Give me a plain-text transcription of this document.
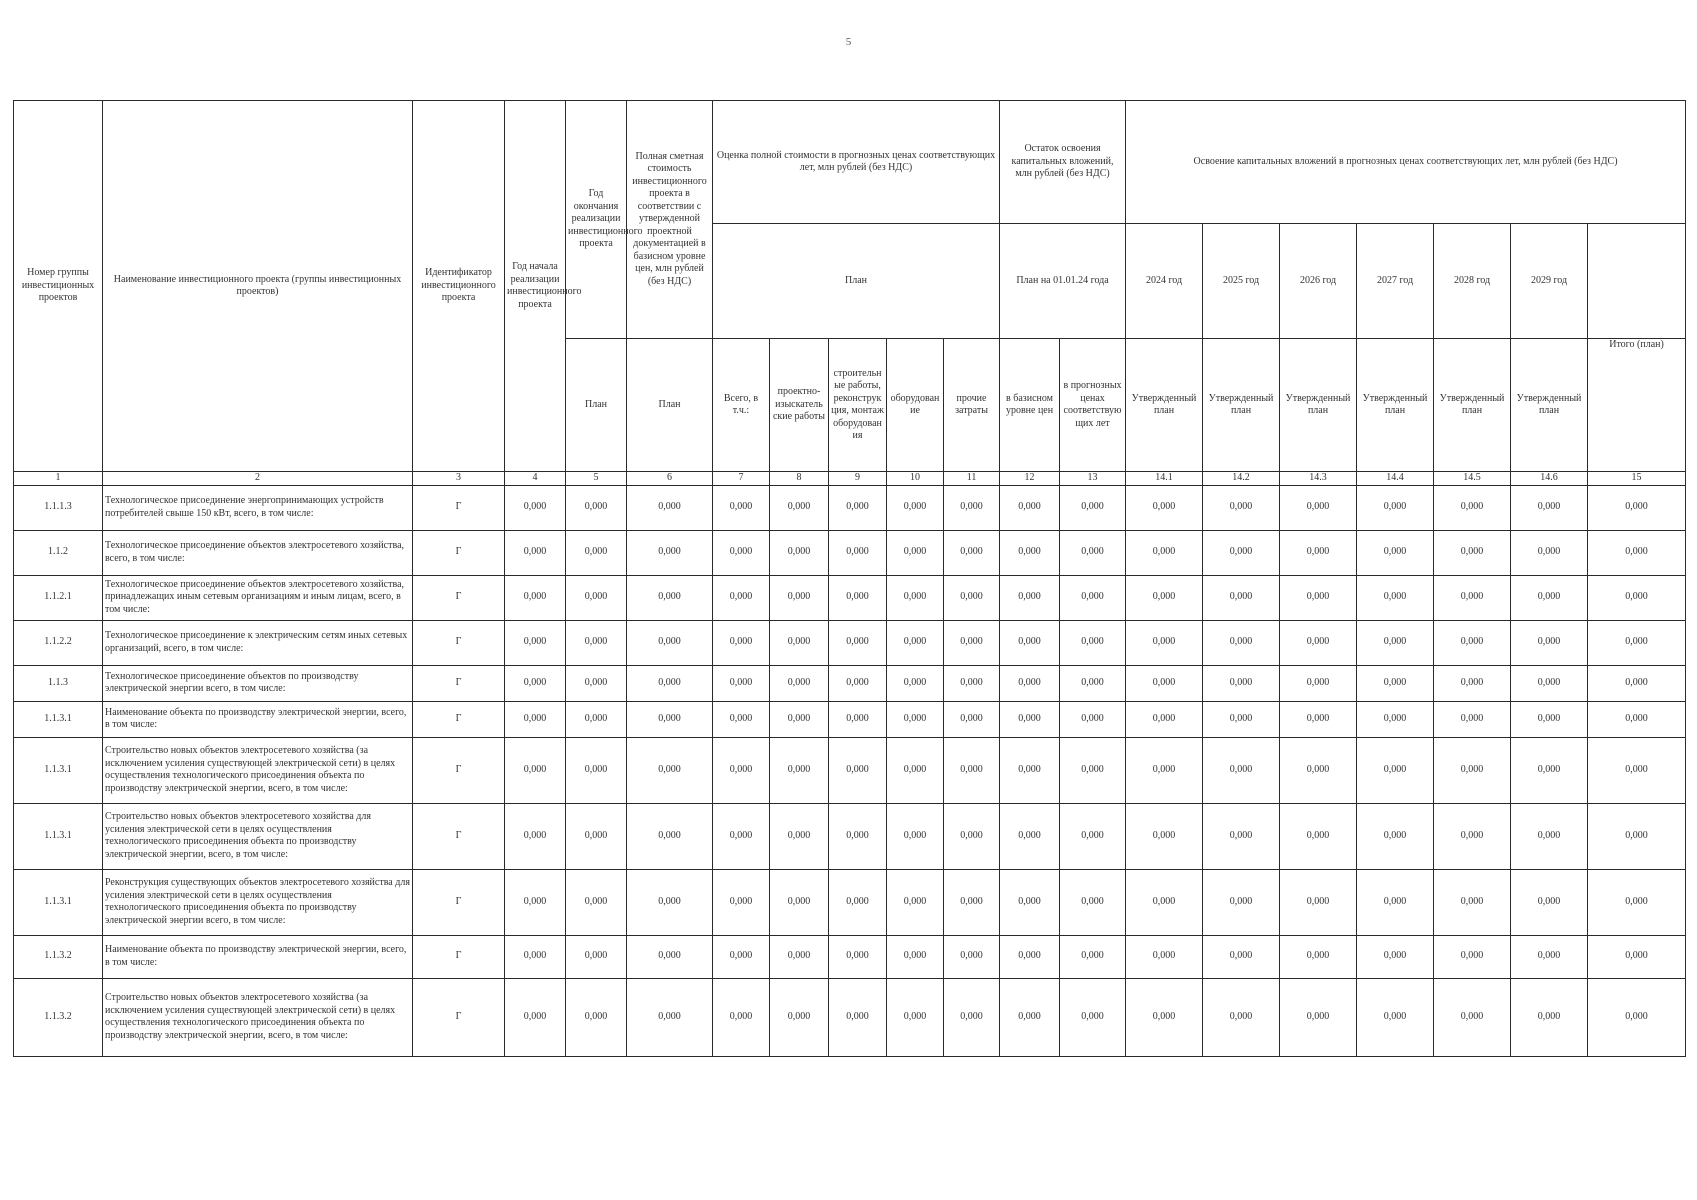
5
Номер группы инвестиционных проектов	Наименование инвестиционного проекта (группы инвестиционных проектов)	Идентификатор инвестиционного проекта	Год начала реализации инвестиционного проекта	Год окончания реализации инвестиционного проекта	Полная сметная стоимость инвестиционного проекта в соответствии с утвержденной проектной документацией в базисном уровне цен, млн рублей (без НДС)	Оценка полной стоимости в прогнозных ценах соответствующих лет, млн рублей (без НДС)					Остаток освоения капитальных вложений, млн рублей (без НДС)		Освоение капитальных вложений в прогнозных ценах соответствующих лет, млн рублей (без НДС)						
						План					План на 01.01.24 года		2024 год	2025 год	2026 год	2027 год	2028 год	2029 год	
				План	План	Всего, в т.ч.:	проектно-изыскатель ские работы	строительн ые работы, реконструк ция, монтаж оборудован ия	оборудован ие	прочие затраты	в базисном уровне цен	в прогнозных ценах соответствую щих лет	Утвержденный план	Утвержденный план	Утвержденный план	Утвержденный план	Утвержденный план	Утвержденный план	Итого (план)
1	2	3	4	5	6	7	8	9	10	11	12	13	14.1	14.2	14.3	14.4	14.5	14.6	15
1.1.1.3	Технологическое присоединение энергопринимающих устройств потребителей свыше 150 кВт, всего, в том числе:	Г	0,000	0,000	0,000	0,000	0,000	0,000	0,000	0,000	0,000	0,000	0,000	0,000	0,000	0,000	0,000	0,000	0,000
1.1.2	Технологическое присоединение объектов электросетевого хозяйства, всего, в том числе:	Г	0,000	0,000	0,000	0,000	0,000	0,000	0,000	0,000	0,000	0,000	0,000	0,000	0,000	0,000	0,000	0,000	0,000
1.1.2.1	Технологическое присоединение объектов электросетевого хозяйства, принадлежащих иным сетевым организациям и иным лицам, всего, в том числе:	Г	0,000	0,000	0,000	0,000	0,000	0,000	0,000	0,000	0,000	0,000	0,000	0,000	0,000	0,000	0,000	0,000	0,000
1.1.2.2	Технологическое присоединение к электрическим сетям иных сетевых организаций, всего, в том числе:	Г	0,000	0,000	0,000	0,000	0,000	0,000	0,000	0,000	0,000	0,000	0,000	0,000	0,000	0,000	0,000	0,000	0,000
1.1.3	Технологическое присоединение объектов по производству электрической энергии всего, в том числе:	Г	0,000	0,000	0,000	0,000	0,000	0,000	0,000	0,000	0,000	0,000	0,000	0,000	0,000	0,000	0,000	0,000	0,000
1.1.3.1	Наименование объекта по производству электрической энергии, всего, в том числе:	Г	0,000	0,000	0,000	0,000	0,000	0,000	0,000	0,000	0,000	0,000	0,000	0,000	0,000	0,000	0,000	0,000	0,000
1.1.3.1	Строительство новых объектов электросетевого хозяйства (за исключением усиления существующей электрической сети) в целях осуществления технологического присоединения объекта по производству электрической энергии, всего, в том числе:	Г	0,000	0,000	0,000	0,000	0,000	0,000	0,000	0,000	0,000	0,000	0,000	0,000	0,000	0,000	0,000	0,000	0,000
1.1.3.1	Строительство новых объектов электросетевого хозяйства для усиления электрической сети в целях осуществления технологического присоединения объекта по производству электрической энергии, всего, в том числе:	Г	0,000	0,000	0,000	0,000	0,000	0,000	0,000	0,000	0,000	0,000	0,000	0,000	0,000	0,000	0,000	0,000	0,000
1.1.3.1	Реконструкция существующих объектов электросетевого хозяйства для усиления электрической сети в целях осуществления технологического присоединения объекта по производству электрической энергии всего, в том числе:	Г	0,000	0,000	0,000	0,000	0,000	0,000	0,000	0,000	0,000	0,000	0,000	0,000	0,000	0,000	0,000	0,000	0,000
1.1.3.2	Наименование объекта по производству электрической энергии, всего, в том числе:	Г	0,000	0,000	0,000	0,000	0,000	0,000	0,000	0,000	0,000	0,000	0,000	0,000	0,000	0,000	0,000	0,000	0,000
1.1.3.2	Строительство новых объектов электросетевого хозяйства (за исключением усиления существующей электрической сети) в целях осуществления технологического присоединения объекта по производству электрической энергии, всего, в том числе:	Г	0,000	0,000	0,000	0,000	0,000	0,000	0,000	0,000	0,000	0,000	0,000	0,000	0,000	0,000	0,000	0,000	0,000
